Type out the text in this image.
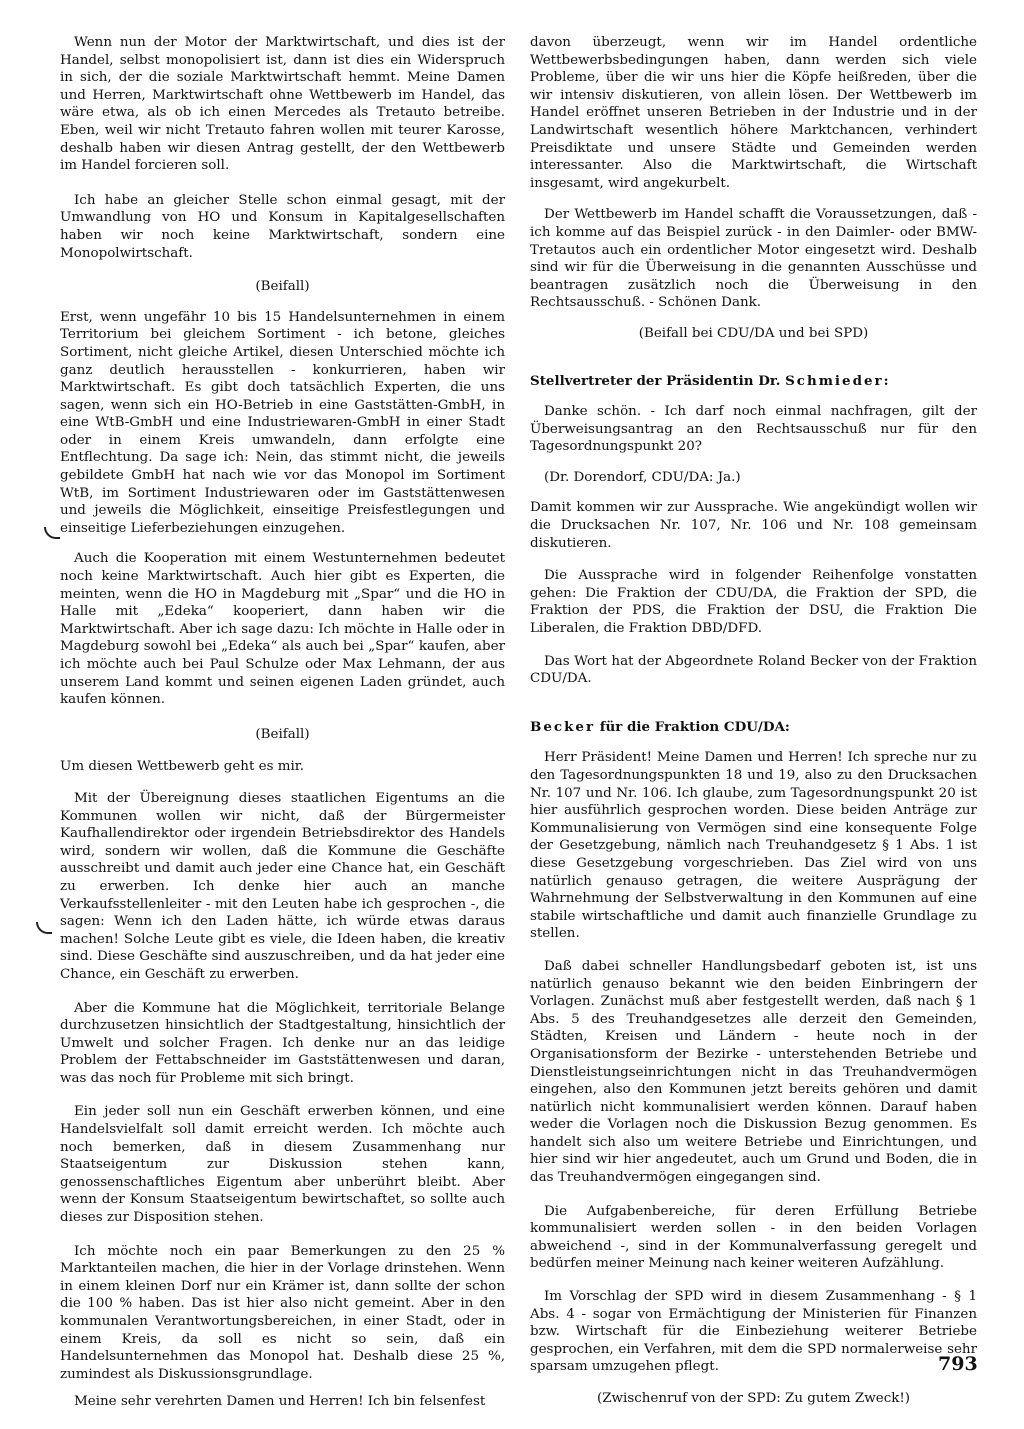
Wenn nun der Motor der Marktwirtschaft, und dies ist der Handel, selbst monopolisiert ist, dann ist dies ein Widerspruch in sich, der die soziale Marktwirtschaft hemmt. Meine Damen und Herren, Marktwirtschaft ohne Wettbewerb im Handel, das wäre etwa, als ob ich einen Mercedes als Tretauto betreibe. Eben, weil wir nicht Tretauto fahren wollen mit teurer Karosse, deshalb haben wir diesen Antrag gestellt, der den Wettbewerb im Handel forcieren soll.

Ich habe an gleicher Stelle schon einmal gesagt, mit der Umwandlung von HO und Konsum in Kapitalgesellschaften haben wir noch keine Marktwirtschaft, sondern eine Monopolwirtschaft.

(Beifall)

Erst, wenn ungefähr 10 bis 15 Handelsunternehmen in einem Territorium bei gleichem Sortiment - ich betone, gleiches Sortiment, nicht gleiche Artikel, diesen Unterschied möchte ich ganz deutlich herausstellen - konkurrieren, haben wir Marktwirtschaft. Es gibt doch tatsächlich Experten, die uns sagen, wenn sich ein HO-Betrieb in eine Gaststätten-GmbH, in eine WtB-GmbH und eine Industriewaren-GmbH in einer Stadt oder in einem Kreis umwandeln, dann erfolgte eine Entflechtung. Da sage ich: Nein, das stimmt nicht, die jeweils gebildete GmbH hat nach wie vor das Monopol im Sortiment WtB, im Sortiment Industriewaren oder im Gaststättenwesen und jeweils die Möglichkeit, einseitige Preisfestlegungen und einseitige Lieferbeziehungen einzugehen.

Auch die Kooperation mit einem Westunternehmen bedeutet noch keine Marktwirtschaft. Auch hier gibt es Experten, die meinten, wenn die HO in Magdeburg mit „Spar“ und die HO in Halle mit „Edeka“ kooperiert, dann haben wir die Marktwirtschaft. Aber ich sage dazu: Ich möchte in Halle oder in Magdeburg sowohl bei „Edeka“ als auch bei „Spar“ kaufen, aber ich möchte auch bei Paul Schulze oder Max Lehmann, der aus unserem Land kommt und seinen eigenen Laden gründet, auch kaufen können.

(Beifall)

Um diesen Wettbewerb geht es mir.

Mit der Übereignung dieses staatlichen Eigentums an die Kommunen wollen wir nicht, daß der Bürgermeister Kaufhallendirektor oder irgendein Betriebsdirektor des Handels wird, sondern wir wollen, daß die Kommune die Geschäfte ausschreibt und damit auch jeder eine Chance hat, ein Geschäft zu erwerben. Ich denke hier auch an manche Verkaufsstellenleiter - mit den Leuten habe ich gesprochen -, die sagen: Wenn ich den Laden hätte, ich würde etwas daraus machen! Solche Leute gibt es viele, die Ideen haben, die kreativ sind. Diese Geschäfte sind auszuschreiben, und da hat jeder eine Chance, ein Geschäft zu erwerben.

Aber die Kommune hat die Möglichkeit, territoriale Belange durchzusetzen hinsichtlich der Stadtgestaltung, hinsichtlich der Umwelt und solcher Fragen. Ich denke nur an das leidige Problem der Fettabschneider im Gaststättenwesen und daran, was das noch für Probleme mit sich bringt.

Ein jeder soll nun ein Geschäft erwerben können, und eine Handelsvielfalt soll damit erreicht werden. Ich möchte auch noch bemerken, daß in diesem Zusammenhang nur Staatseigentum zur Diskussion stehen kann, genossenschaftliches Eigentum aber unberührt bleibt. Aber wenn der Konsum Staatseigentum bewirtschaftet, so sollte auch dieses zur Disposition stehen.

Ich möchte noch ein paar Bemerkungen zu den 25 % Marktanteilen machen, die hier in der Vorlage drinstehen. Wenn in einem kleinen Dorf nur ein Krämer ist, dann sollte der schon die 100 % haben. Das ist hier also nicht gemeint. Aber in den kommunalen Verantwortungsbereichen, in einer Stadt, oder in einem Kreis, da soll es nicht so sein, daß ein Handelsunternehmen das Monopol hat. Deshalb diese 25 %, zumindest als Diskussionsgrundlage.

Meine sehr verehrten Damen und Herren! Ich bin felsenfest

davon überzeugt, wenn wir im Handel ordentliche Wettbewerbsbedingungen haben, dann werden sich viele Probleme, über die wir uns hier die Köpfe heißreden, über die wir intensiv diskutieren, von allein lösen. Der Wettbewerb im Handel eröffnet unseren Betrieben in der Industrie und in der Landwirtschaft wesentlich höhere Marktchancen, verhindert Preisdiktate und unsere Städte und Gemeinden werden interessanter. Also die Marktwirtschaft, die Wirtschaft insgesamt, wird angekurbelt.

Der Wettbewerb im Handel schafft die Voraussetzungen, daß - ich komme auf das Beispiel zurück - in den Daimler- oder BMW-Tretautos auch ein ordentlicher Motor eingesetzt wird. Deshalb sind wir für die Überweisung in die genannten Ausschüsse und beantragen zusätzlich noch die Überweisung in den Rechtsausschuß. - Schönen Dank.

(Beifall bei CDU/DA und bei SPD)

Stellvertreter der Präsidentin Dr. Schmieder:

Danke schön. - Ich darf noch einmal nachfragen, gilt der Überweisungsantrag an den Rechtsausschuß nur für den Tagesordnungspunkt 20?

(Dr. Dorendorf, CDU/DA: Ja.)

Damit kommen wir zur Aussprache. Wie angekündigt wollen wir die Drucksachen Nr. 107, Nr. 106 und Nr. 108 gemeinsam diskutieren.

Die Aussprache wird in folgender Reihenfolge vonstatten gehen: Die Fraktion der CDU/DA, die Fraktion der SPD, die Fraktion der PDS, die Fraktion der DSU, die Fraktion Die Liberalen, die Fraktion DBD/DFD.

Das Wort hat der Abgeordnete Roland Becker von der Fraktion CDU/DA.

Becker für die Fraktion CDU/DA:

Herr Präsident! Meine Damen und Herren! Ich spreche nur zu den Tagesordnungspunkten 18 und 19, also zu den Drucksachen Nr. 107 und Nr. 106. Ich glaube, zum Tagesordnungspunkt 20 ist hier ausführlich gesprochen worden. Diese beiden Anträge zur Kommunalisierung von Vermögen sind eine konsequente Folge der Gesetzgebung, nämlich nach Treuhandgesetz § 1 Abs. 1 ist diese Gesetzgebung vorgeschrieben. Das Ziel wird von uns natürlich genauso getragen, die weitere Ausprägung der Wahrnehmung der Selbstverwaltung in den Kommunen auf eine stabile wirtschaftliche und damit auch finanzielle Grundlage zu stellen.

Daß dabei schneller Handlungsbedarf geboten ist, ist uns natürlich genauso bekannt wie den beiden Einbringern der Vorlagen. Zunächst muß aber festgestellt werden, daß nach § 1 Abs. 5 des Treuhandgesetzes alle derzeit den Gemeinden, Städten, Kreisen und Ländern - heute noch in der Organisationsform der Bezirke - unterstehenden Betriebe und Dienstleistungseinrichtungen nicht in das Treuhandvermögen eingehen, also den Kommunen jetzt bereits gehören und damit natürlich nicht kommunalisiert werden können. Darauf haben weder die Vorlagen noch die Diskussion Bezug genommen. Es handelt sich also um weitere Betriebe und Einrichtungen, und hier sind wir hier angedeutet, auch um Grund und Boden, die in das Treuhandvermögen eingegangen sind.

Die Aufgabenbereiche, für deren Erfüllung Betriebe kommunalisiert werden sollen - in den beiden Vorlagen abweichend -, sind in der Kommunalverfassung geregelt und bedürfen meiner Meinung nach keiner weiteren Aufzählung.

Im Vorschlag der SPD wird in diesem Zusammenhang - § 1 Abs. 4 - sogar von Ermächtigung der Ministerien für Finanzen bzw. Wirtschaft für die Einbeziehung weiterer Betriebe gesprochen, ein Verfahren, mit dem die SPD normalerweise sehr sparsam umzugehen pflegt.

(Zwischenruf von der SPD: Zu gutem Zweck!)

793
